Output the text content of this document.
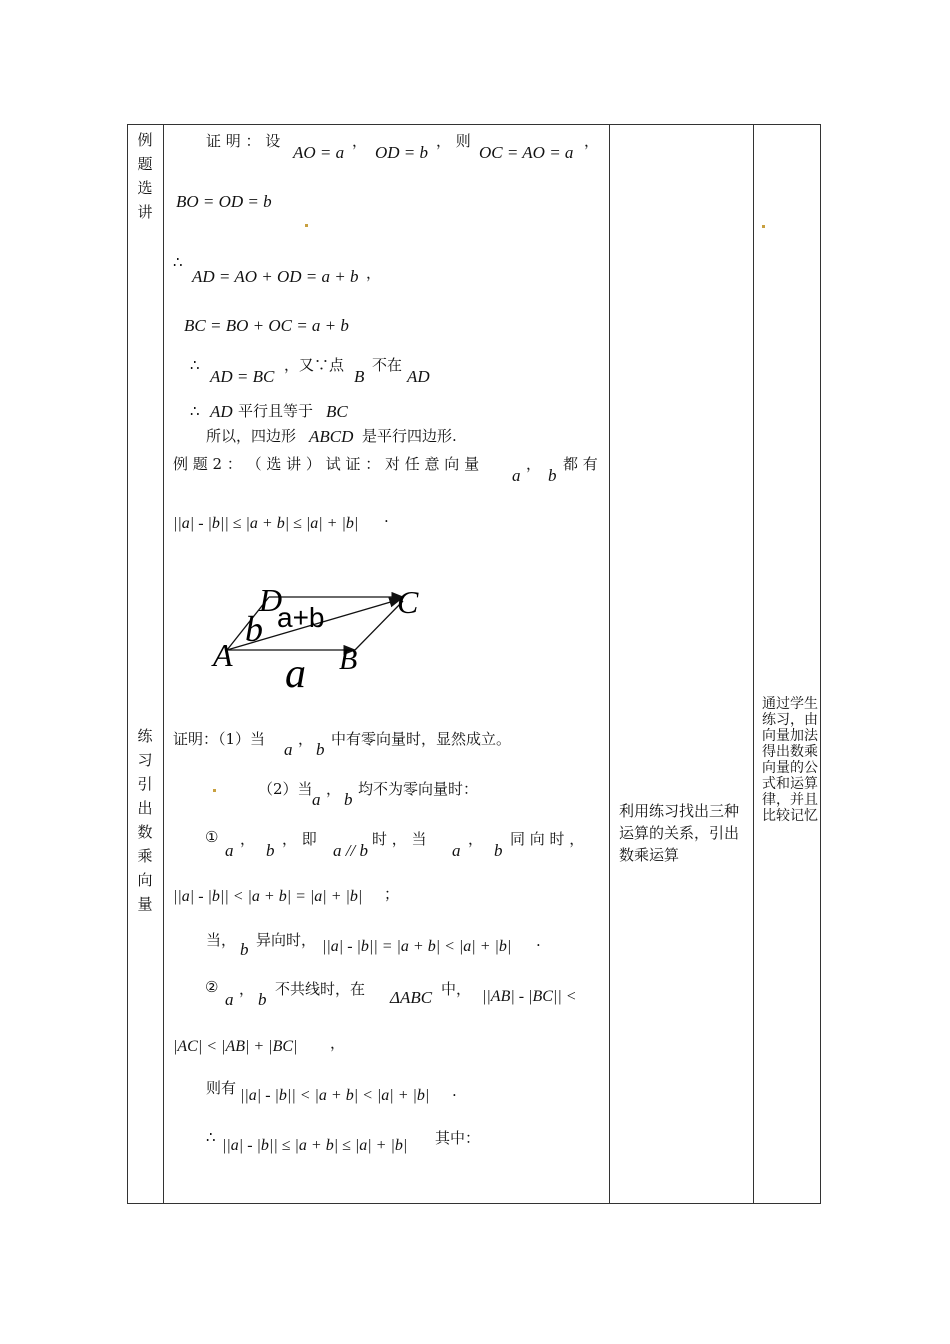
例
题
选
讲
练
习
引
出
数
乘
向
量
证 明 ： 设
AO = a
，
OD = b
， 则
OC = AO = a
，
BO = OD = b
∴
AD = AO + OD = a + b ，
BC = BO + OC = a + b
∴
AD = BC
，又∵点
B
不在
AD
∴ AD 平行且等于 BC
所以，四边形 ABCD 是平行四边形.
例 题 2 ： （ 选 讲 ） 试 证 ： 对 任 意 向 量
a
，
b
都 有
||a| - |b|| ≤ |a + b| ≤ |a| + |b| .
A	B
C
D
b a+b
a
证明：（1）当
a
，
b
中有零向量时，显然成立。
（2）当
a
，
b
均不为零向量时：
①
a
，
b
， 即
a // b
时 ， 当
a
，
b
同 向 时 ，
||a| - |b|| < |a + b| = |a| + |b| ；
当， b 异向时， ||a| - |b|| = |a + b| < |a| + |b| .
②
a
，
b
不共线时，在 ΔABC 中， ||AB| - |BC|| <
|AC| < |AB| + |BC| ，
则有 ||a| - |b|| < |a + b| < |a| + |b| .
∴ ||a| - |b|| ≤ |a + b| ≤ |a| + |b| 其中：
利用练习找出三种运算的关系，引出数乘运算
通过学生 练习，由向量加法得出数乘向量的公式和运算律，并且比较记忆
